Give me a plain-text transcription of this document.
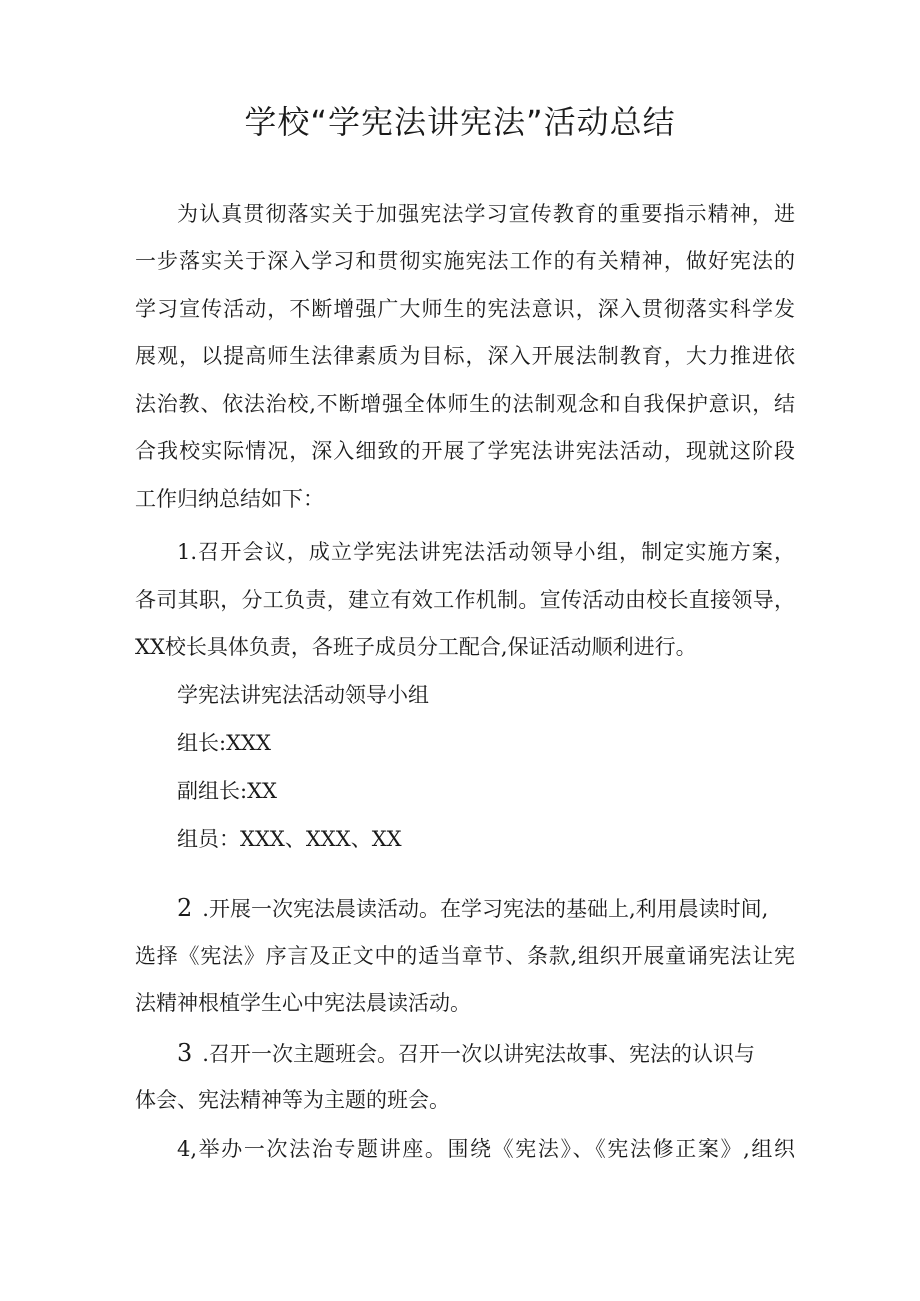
学校“学宪法讲宪法”活动总结
为认真贯彻落实关于加强宪法学习宣传教育的重要指示精神，进
一步落实关于深入学习和贯彻实施宪法工作的有关精神，做好宪法的
学习宣传活动，不断增强广大师生的宪法意识，深入贯彻落实科学发
展观，以提高师生法律素质为目标，深入开展法制教育，大力推进依
法治教、依法治校,不断增强全体师生的法制观念和自我保护意识，结
合我校实际情况，深入细致的开展了学宪法讲宪法活动，现就这阶段
工作归纳总结如下：
1.召开会议，成立学宪法讲宪法活动领导小组，制定实施方案，
各司其职，分工负责，建立有效工作机制。宣传活动由校长直接领导，
XX校长具体负责，各班子成员分工配合,保证活动顺利进行。
学宪法讲宪法活动领导小组
组长:XXX
副组长:XX
组员：XXX、XXX、XX
2 .开展一次宪法晨读活动。在学习宪法的基础上,利用晨读时间,
选择《宪法》序言及正文中的适当章节、条款,组织开展童诵宪法让宪
法精神根植学生心中宪法晨读活动。
3 .召开一次主题班会。召开一次以讲宪法故事、宪法的认识与
体会、宪法精神等为主题的班会。
4,举办一次法治专题讲座。围绕《宪法》、《宪法修正案》,组织
